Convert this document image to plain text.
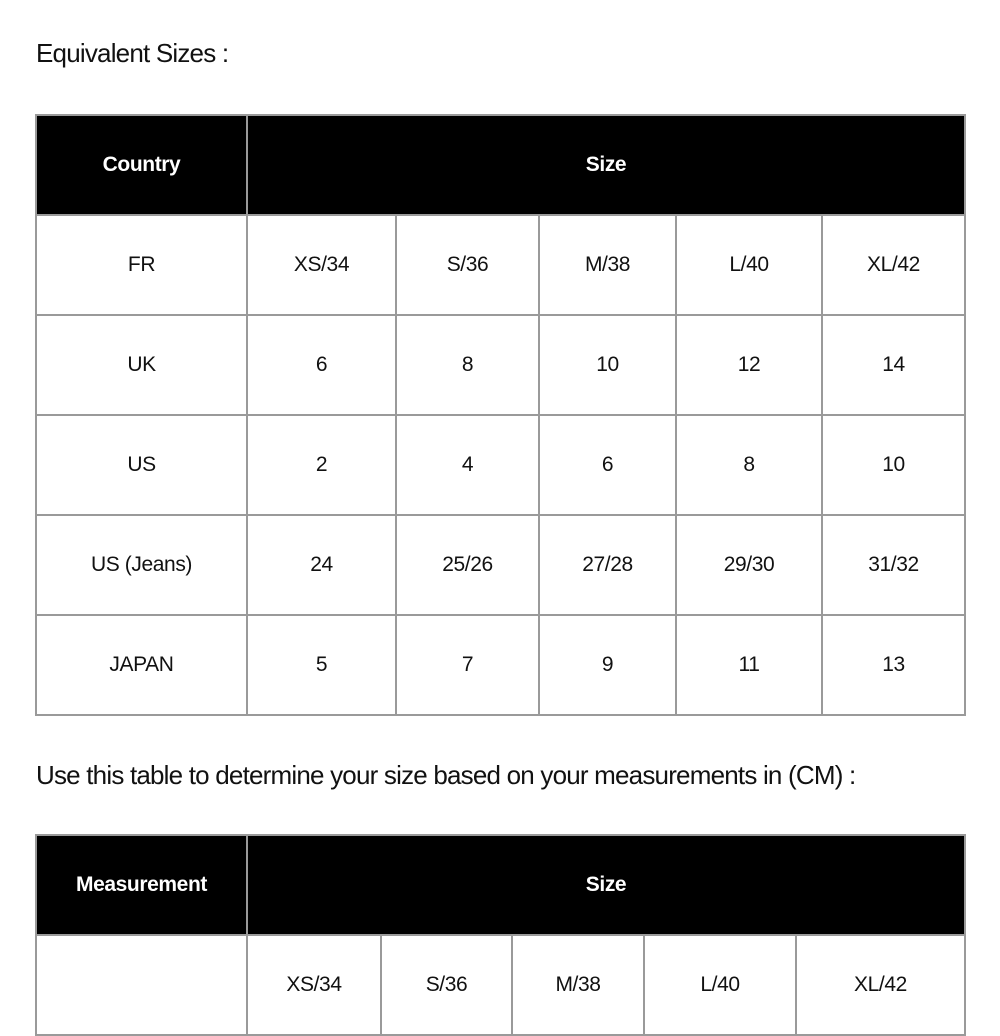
Equivalent Sizes :
Country	Size				
FR	XS/34	S/36	M/38	L/40	XL/42
UK	6	8	10	12	14
US	2	4	6	8	10
US (Jeans)	24	25/26	27/28	29/30	31/32
JAPAN	5	7	9	11	13
Use this table to determine your size based on your measurements in (CM) :
Measurement	Size				
	XS/34	S/36	M/38	L/40	XL/42
